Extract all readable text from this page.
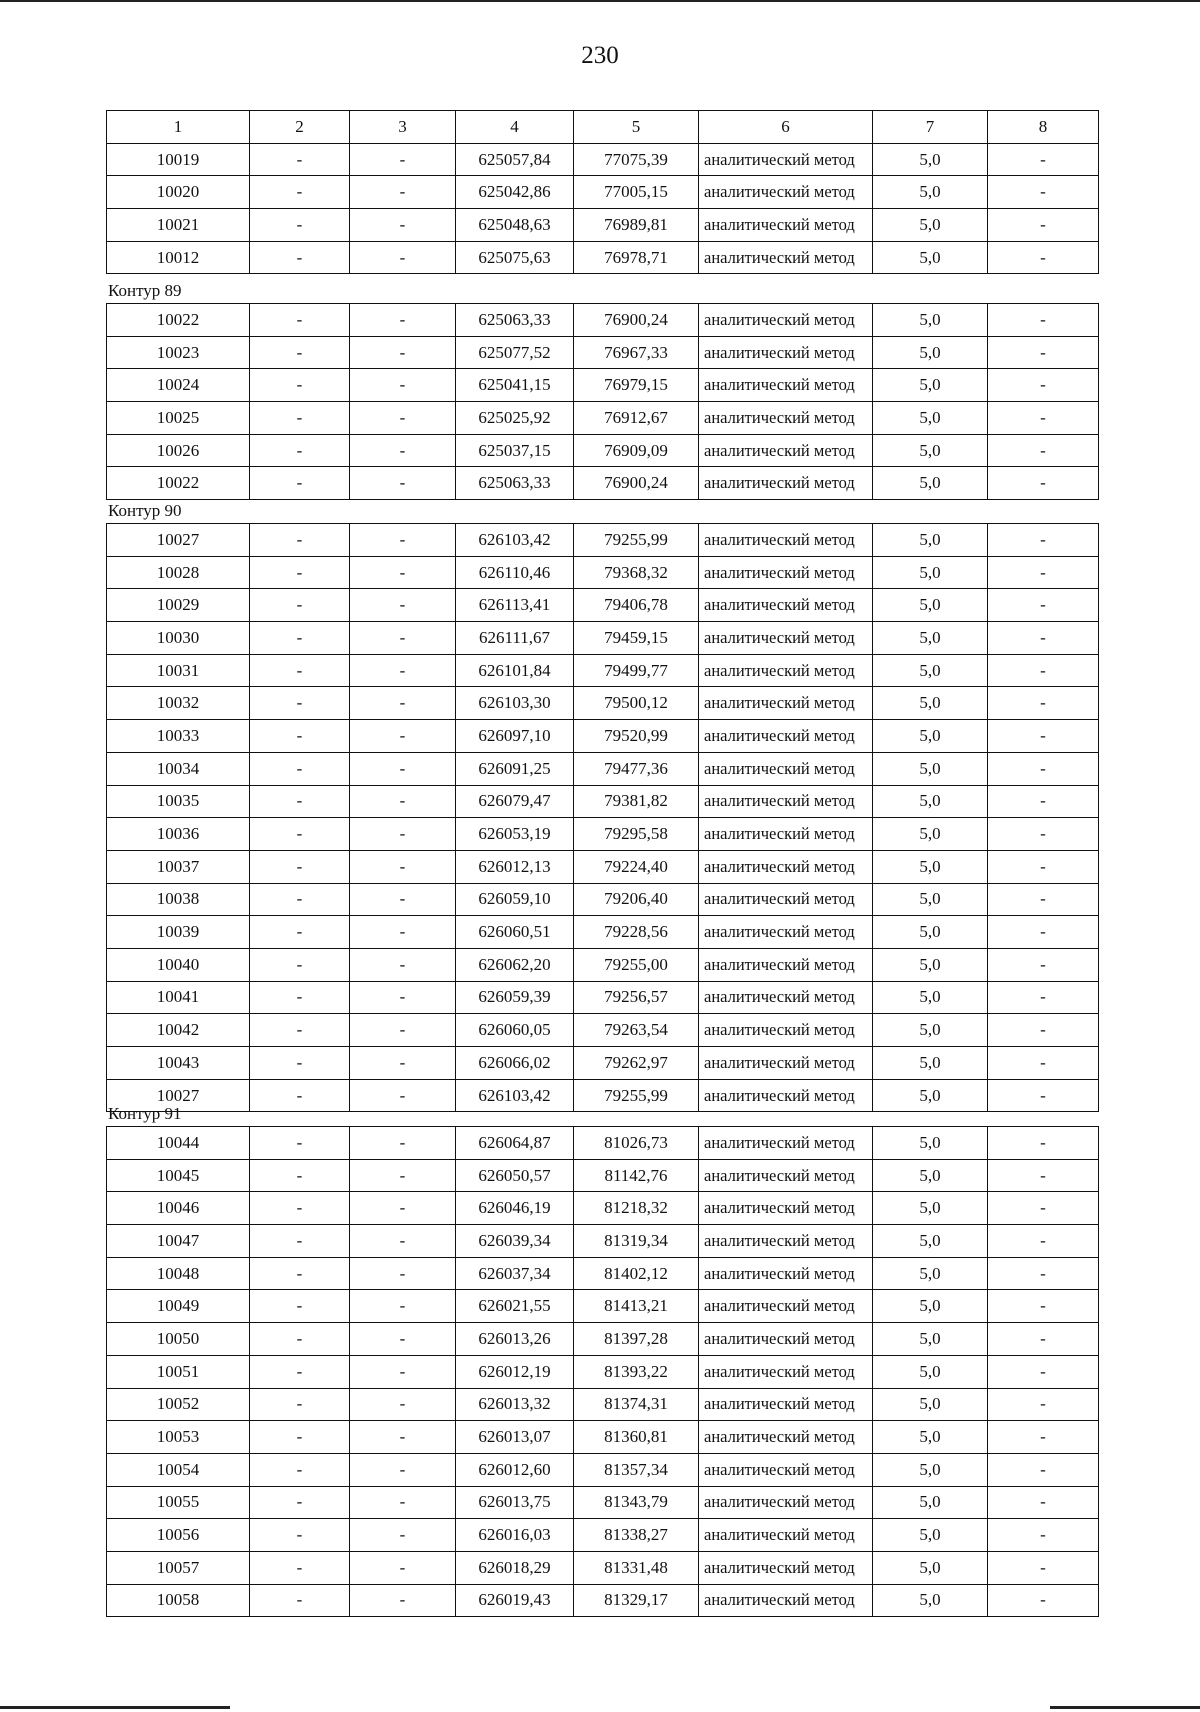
230
1	2	3	4	5	6	7	8
10019	-	-	625057,84	77075,39	аналитический метод	5,0	-
10020	-	-	625042,86	77005,15	аналитический метод	5,0	-
10021	-	-	625048,63	76989,81	аналитический метод	5,0	-
10012	-	-	625075,63	76978,71	аналитический метод	5,0	-
Контур 89
10022	-	-	625063,33	76900,24	аналитический метод	5,0	-
10023	-	-	625077,52	76967,33	аналитический метод	5,0	-
10024	-	-	625041,15	76979,15	аналитический метод	5,0	-
10025	-	-	625025,92	76912,67	аналитический метод	5,0	-
10026	-	-	625037,15	76909,09	аналитический метод	5,0	-
10022	-	-	625063,33	76900,24	аналитический метод	5,0	-
Контур 90
10027	-	-	626103,42	79255,99	аналитический метод	5,0	-
10028	-	-	626110,46	79368,32	аналитический метод	5,0	-
10029	-	-	626113,41	79406,78	аналитический метод	5,0	-
10030	-	-	626111,67	79459,15	аналитический метод	5,0	-
10031	-	-	626101,84	79499,77	аналитический метод	5,0	-
10032	-	-	626103,30	79500,12	аналитический метод	5,0	-
10033	-	-	626097,10	79520,99	аналитический метод	5,0	-
10034	-	-	626091,25	79477,36	аналитический метод	5,0	-
10035	-	-	626079,47	79381,82	аналитический метод	5,0	-
10036	-	-	626053,19	79295,58	аналитический метод	5,0	-
10037	-	-	626012,13	79224,40	аналитический метод	5,0	-
10038	-	-	626059,10	79206,40	аналитический метод	5,0	-
10039	-	-	626060,51	79228,56	аналитический метод	5,0	-
10040	-	-	626062,20	79255,00	аналитический метод	5,0	-
10041	-	-	626059,39	79256,57	аналитический метод	5,0	-
10042	-	-	626060,05	79263,54	аналитический метод	5,0	-
10043	-	-	626066,02	79262,97	аналитический метод	5,0	-
10027	-	-	626103,42	79255,99	аналитический метод	5,0	-
Контур 91
10044	-	-	626064,87	81026,73	аналитический метод	5,0	-
10045	-	-	626050,57	81142,76	аналитический метод	5,0	-
10046	-	-	626046,19	81218,32	аналитический метод	5,0	-
10047	-	-	626039,34	81319,34	аналитический метод	5,0	-
10048	-	-	626037,34	81402,12	аналитический метод	5,0	-
10049	-	-	626021,55	81413,21	аналитический метод	5,0	-
10050	-	-	626013,26	81397,28	аналитический метод	5,0	-
10051	-	-	626012,19	81393,22	аналитический метод	5,0	-
10052	-	-	626013,32	81374,31	аналитический метод	5,0	-
10053	-	-	626013,07	81360,81	аналитический метод	5,0	-
10054	-	-	626012,60	81357,34	аналитический метод	5,0	-
10055	-	-	626013,75	81343,79	аналитический метод	5,0	-
10056	-	-	626016,03	81338,27	аналитический метод	5,0	-
10057	-	-	626018,29	81331,48	аналитический метод	5,0	-
10058	-	-	626019,43	81329,17	аналитический метод	5,0	-
